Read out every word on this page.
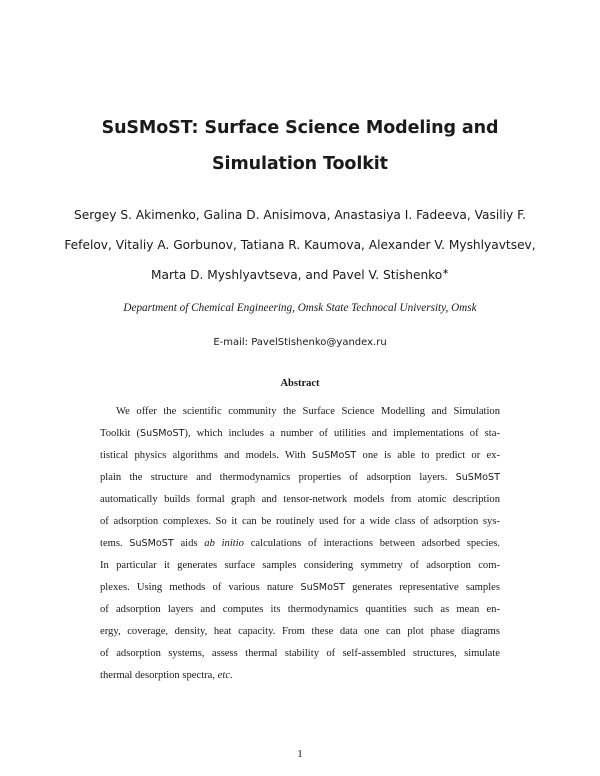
SuSMoST: Surface Science Modeling and
Simulation Toolkit
Sergey S. Akimenko, Galina D. Anisimova, Anastasiya I. Fadeeva, Vasiliy F.
Fefelov, Vitaliy A. Gorbunov, Tatiana R. Kaumova, Alexander V. Myshlyavtsev,
Marta D. Myshlyavtseva, and Pavel V. Stishenko∗
Department of Chemical Engineering, Omsk State Technocal University, Omsk
E-mail: PavelStishenko@yandex.ru
Abstract
We offer the scientific community the Surface Science Modelling and Simulation
Toolkit (SuSMoST), which includes a number of utilities and implementations of sta-
tistical physics algorithms and models. With SuSMoST one is able to predict or ex-
plain the structure and thermodynamics properties of adsorption layers. SuSMoST
automatically builds formal graph and tensor-network models from atomic description
of adsorption complexes. So it can be routinely used for a wide class of adsorption sys-
tems. SuSMoST aids ab initio calculations of interactions between adsorbed species.
In particular it generates surface samples considering symmetry of adsorption com-
plexes. Using methods of various nature SuSMoST generates representative samples
of adsorption layers and computes its thermodynamics quantities such as mean en-
ergy, coverage, density, heat capacity. From these data one can plot phase diagrams
of adsorption systems, assess thermal stability of self-assembled structures, simulate
thermal desorption spectra, etc.
1
